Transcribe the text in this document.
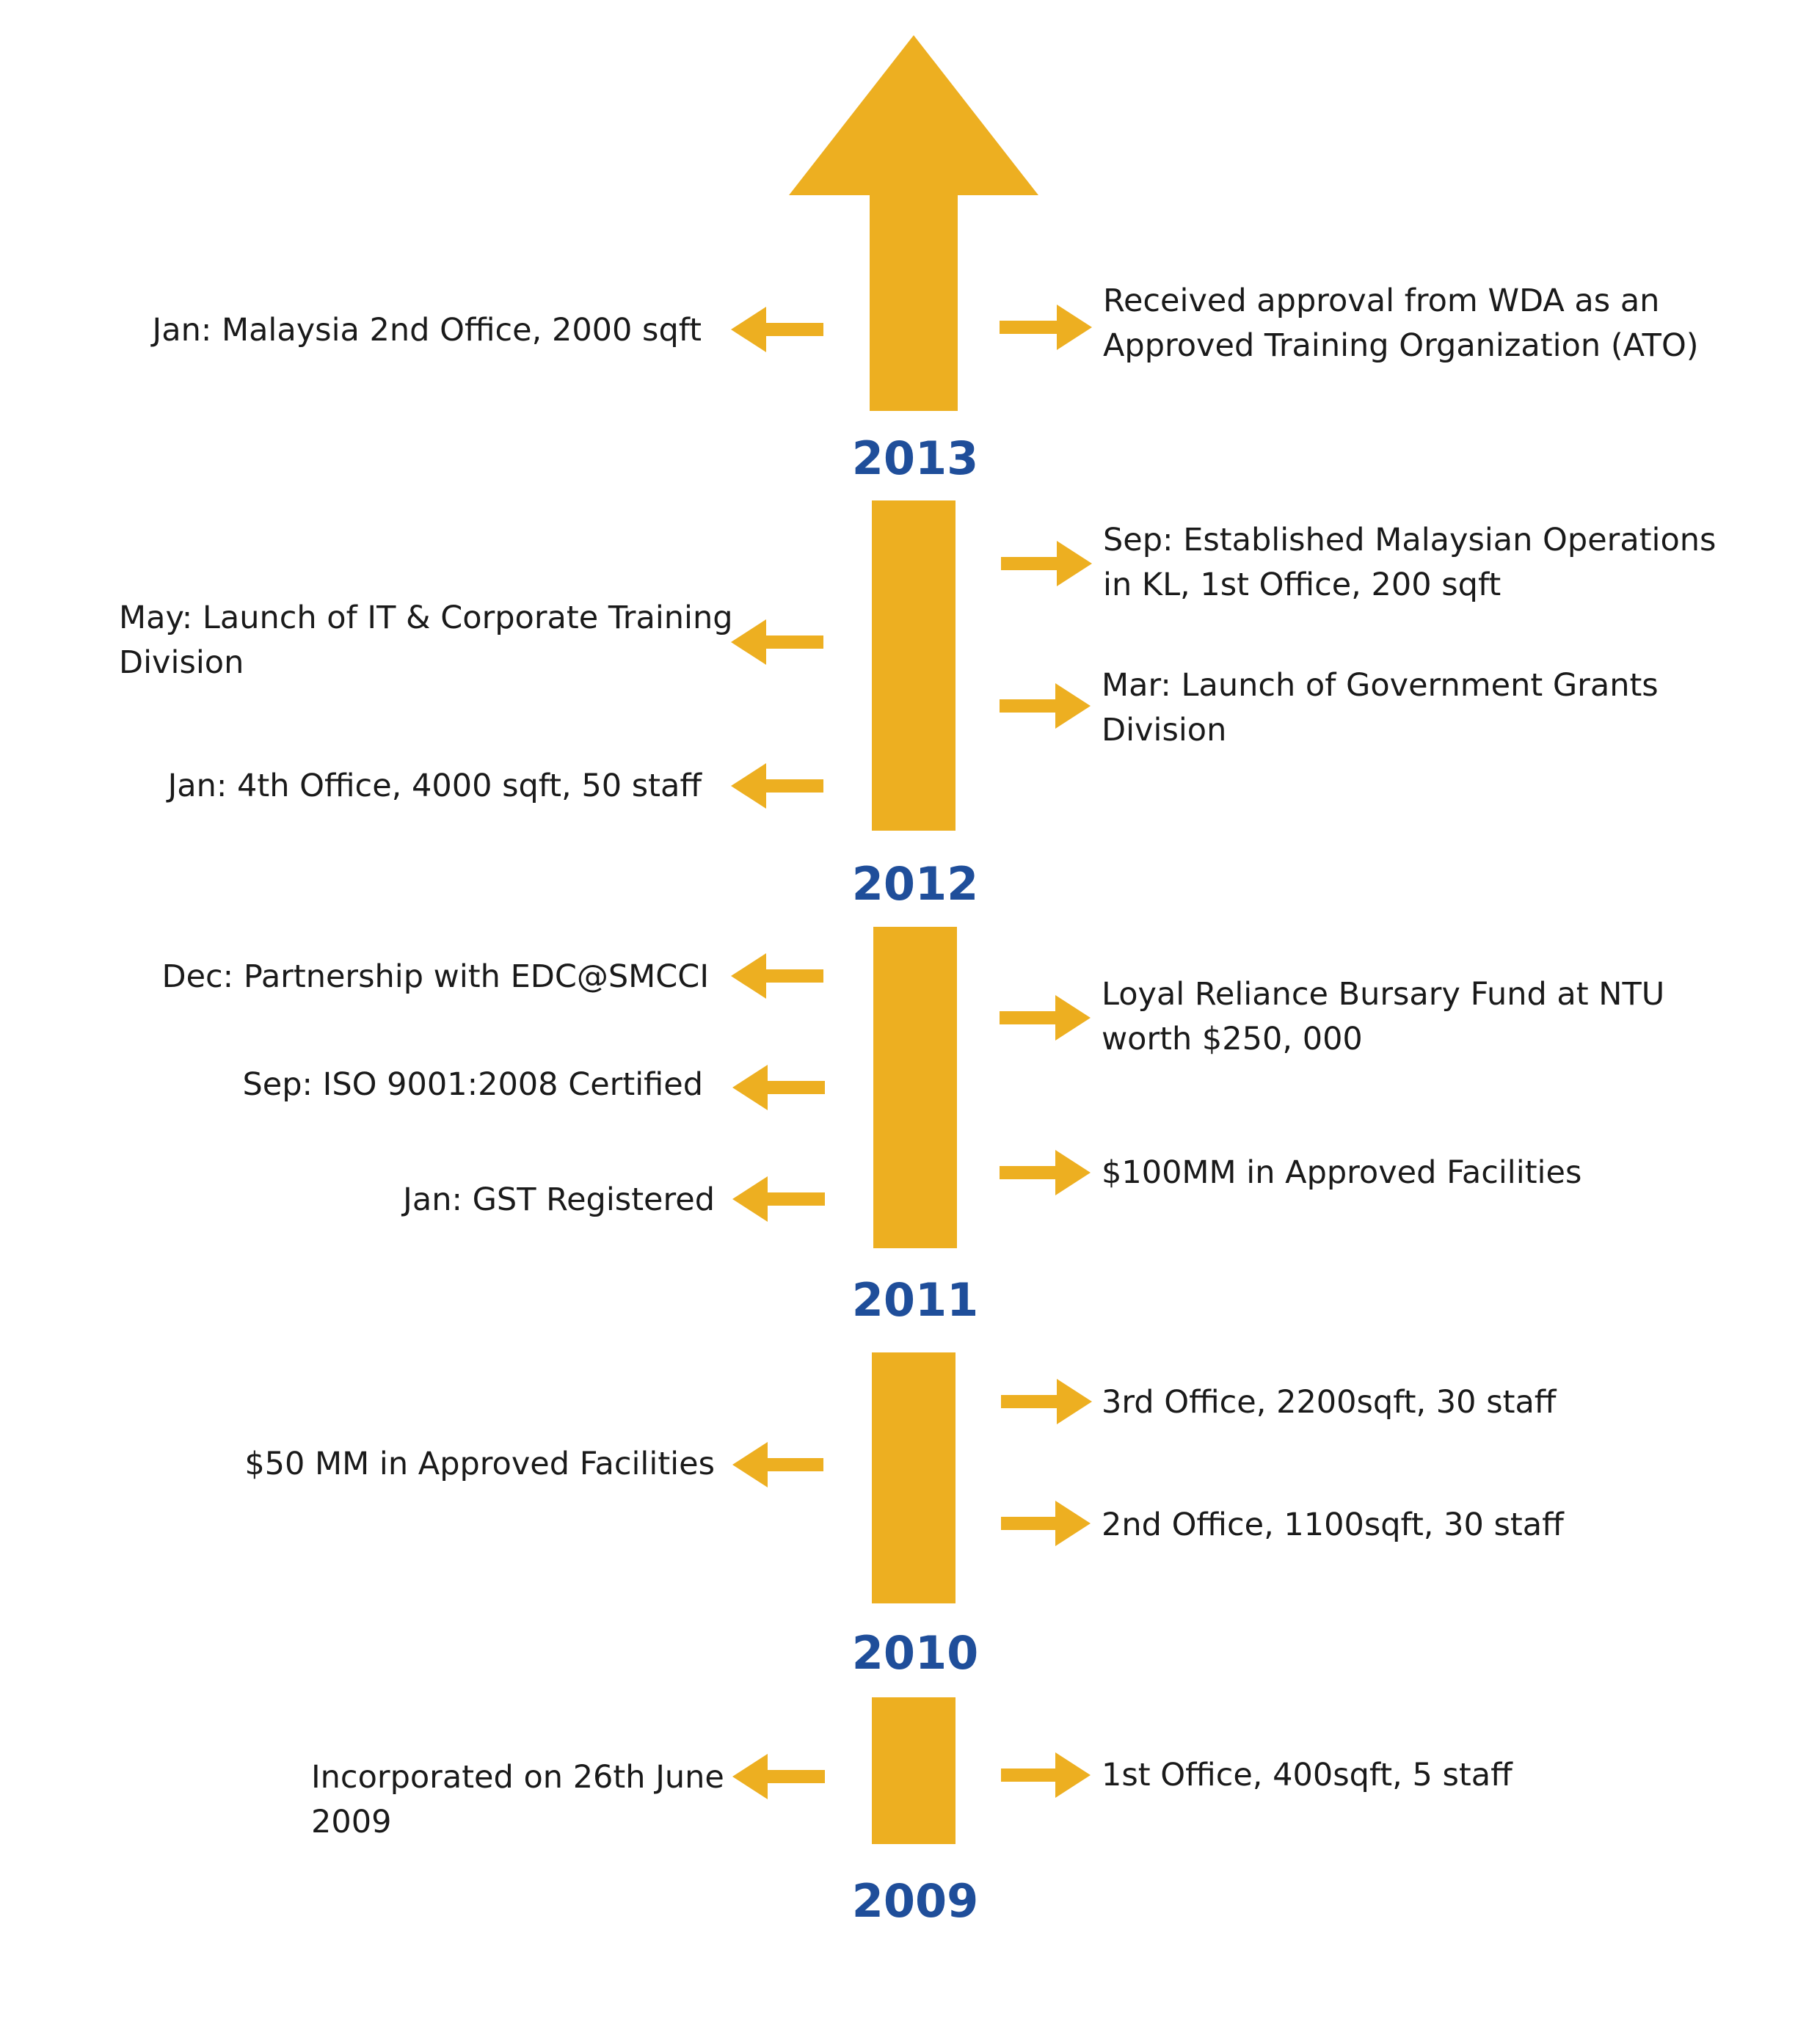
2013
2012
2011
2010
2009
Jan: Malaysia 2nd Office, 2000 sqft
Received approval from WDA as an
Approved Training Organization (ATO)
Sep: Established Malaysian Operations
in KL, 1st Office, 200 sqft
May: Launch of IT & Corporate Training
Division
Mar: Launch of Government Grants
Division
Jan: 4th Office, 4000 sqft, 50 staff
Dec: Partnership with EDC@SMCCI	Loyal Reliance Bursary Fund at NTU
worth $250, 000
Sep: ISO 9001:2008 Certified
$100MM in Approved Facilities
Jan: GST Registered
3rd Office, 2200sqft, 30 staff
$50 MM in Approved Facilities
2nd Office, 1100sqft, 30 staff
Incorporated on 26th June
2009
1st Office, 400sqft, 5 staff
